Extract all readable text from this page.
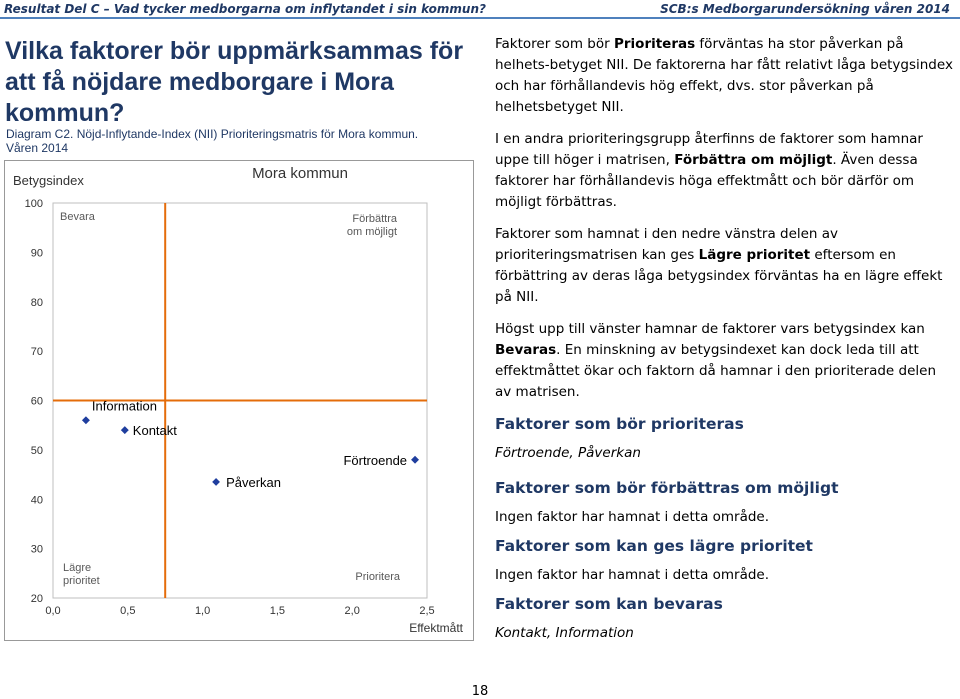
Resultat Del C – Vad tycker medborgarna om inflytandet i sin kommun?	SCB:s Medborgarundersökning våren 2014
Vilka faktorer bör uppmärksammas för att få nöjdare medborgare i Mora kommun?
Diagram C2. Nöjd-Inflytande-Index (NII) Prioriteringsmatris för Mora kommun.
Våren 2014
Mora kommun
Betygsindex
Effektmått
100
90
80
70
60
50
40
30
20
0,0	0,5	1,0	1,5	2,0	2,5
Bevara	Förbättra
om möjligt
Lägre
prioritet	Prioritera
Information
Kontakt
Påverkan
Förtroende

Faktorer som bör Prioriteras förväntas ha stor påverkan på helhets-betyget NII. De faktorerna har fått relativt låga betygsindex och har förhållandevis hög effekt, dvs. stor påverkan på helhetsbetyget NII.

I en andra prioriteringsgrupp återfinns de faktorer som hamnar uppe till höger i matrisen, Förbättra om möjligt. Även dessa faktorer har förhållandevis höga effektmått och bör därför om möjligt förbättras.

Faktorer som hamnat i den nedre vänstra delen av prioriteringsmatrisen kan ges Lägre prioritet eftersom en förbättring av deras låga betygsindex förväntas ha en lägre effekt på NII.

Högst upp till vänster hamnar de faktorer vars betygsindex kan Bevaras. En minskning av betygsindexet kan dock leda till att effektmåttet ökar och faktorn då hamnar i den prioriterade delen av matrisen.

Faktorer som bör prioriteras

Förtroende, Påverkan

Faktorer som bör förbättras om möjligt

Ingen faktor har hamnat i detta område.

Faktorer som kan ges lägre prioritet

Ingen faktor har hamnat i detta område.

Faktorer som kan bevaras

Kontakt, Information

18
